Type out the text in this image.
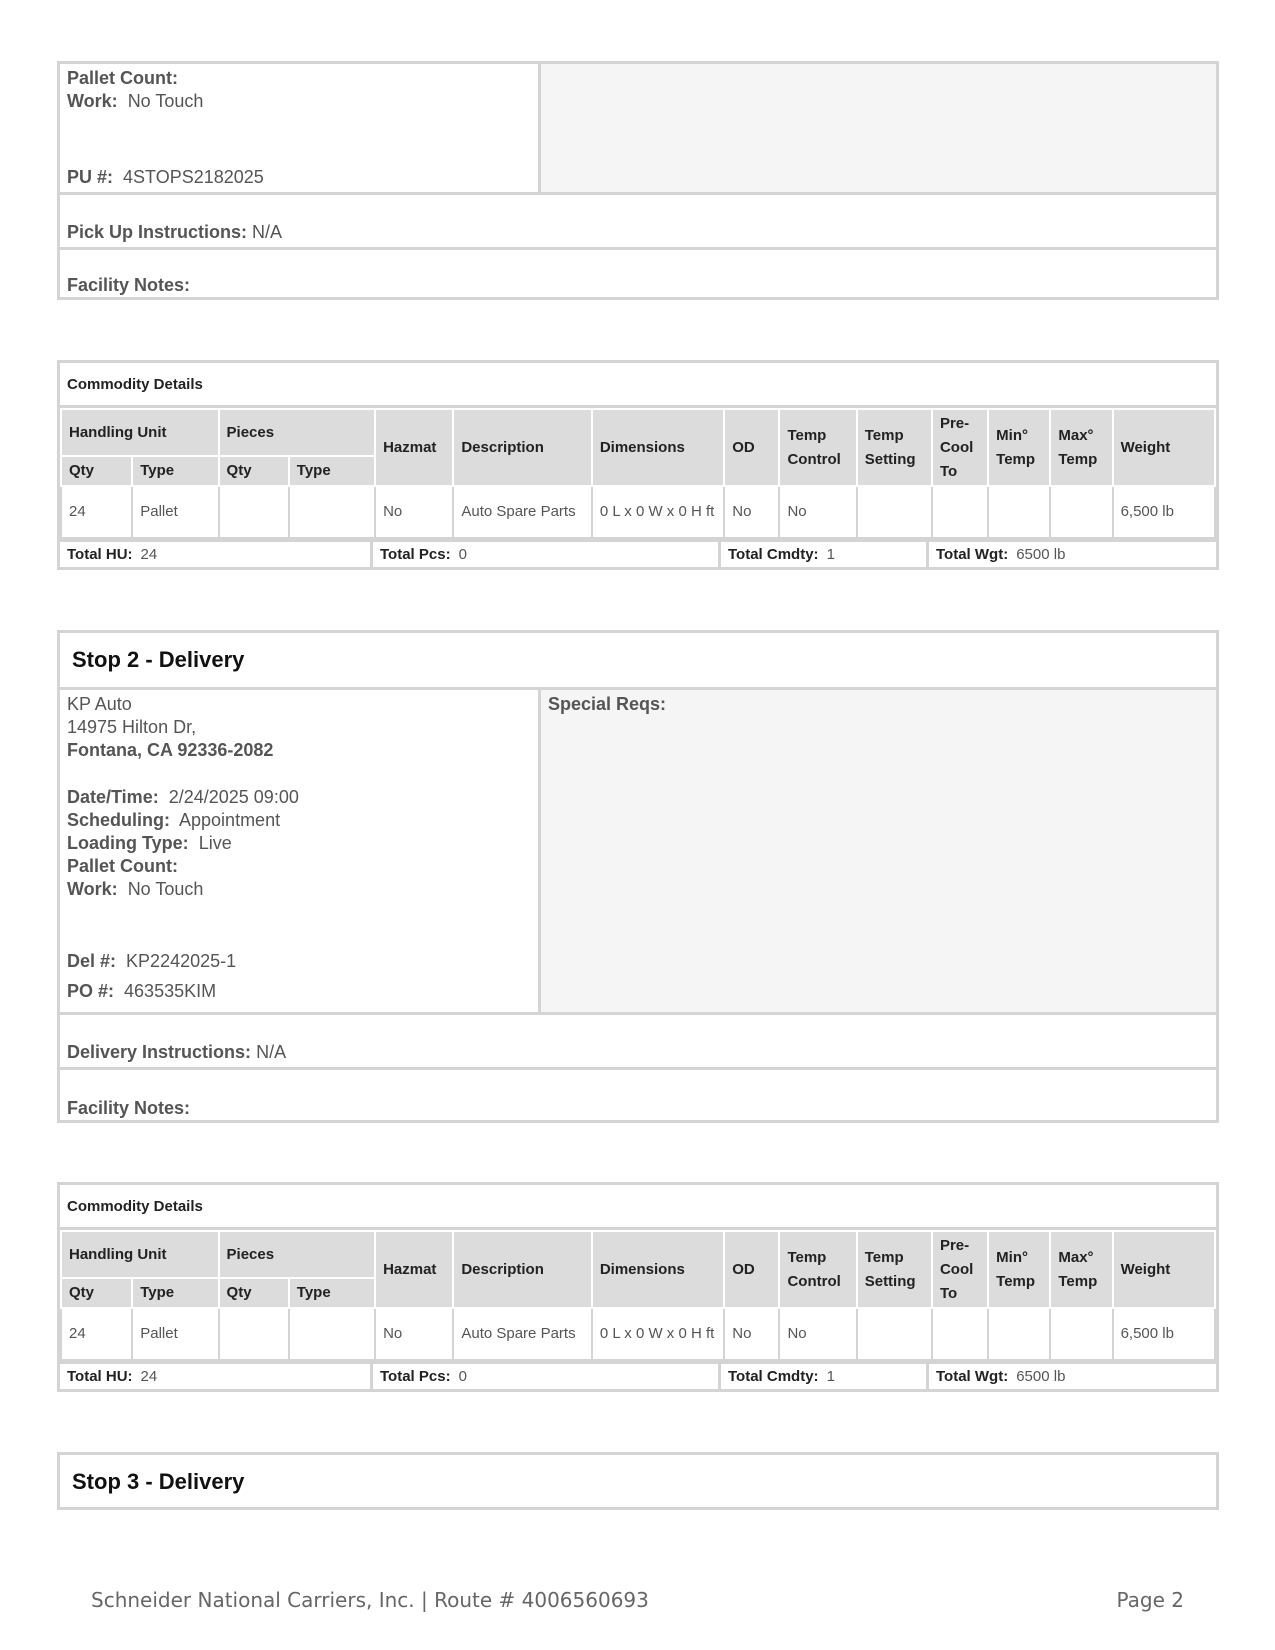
Pallet Count:
Work: No Touch
PU #: 4STOPS2182025
Pick Up Instructions:
N/A
Facility Notes:

Commodity Details
Handling Unit		Pieces		Hazmat	Description	Dimensions	OD	Temp Control	Temp Setting	Pre-Cool To	Min° Temp	Max° Temp	Weight
Qty	Type	Qty	Type										
24	Pallet			No	Auto Spare Parts	0 L x 0 W x 0 H ft	No	No					6,500 lb
Total HU: 24	Total Pcs: 0	Total Cmdty: 1	Total Wgt: 6500 lb
Stop 2 - Delivery
KP Auto
14975 Hilton Dr,
Fontana, CA 92336-2082
Date/Time: 2/24/2025 09:00
Scheduling: Appointment
Loading Type: Live
Pallet Count:
Work: No Touch
Del #: KP2242025-1
PO #: 463535KIM
Special Reqs:
Delivery Instructions:
N/A
Facility Notes:

Commodity Details
Handling Unit		Pieces		Hazmat	Description	Dimensions	OD	Temp Control	Temp Setting	Pre-Cool To	Min° Temp	Max° Temp	Weight
Qty	Type	Qty	Type										
24	Pallet			No	Auto Spare Parts	0 L x 0 W x 0 H ft	No	No					6,500 lb
Total HU: 24	Total Pcs: 0	Total Cmdty: 1	Total Wgt: 6500 lb
Stop 3 - Delivery
Schneider National Carriers, Inc. | Route # 4006560693	Page 2
